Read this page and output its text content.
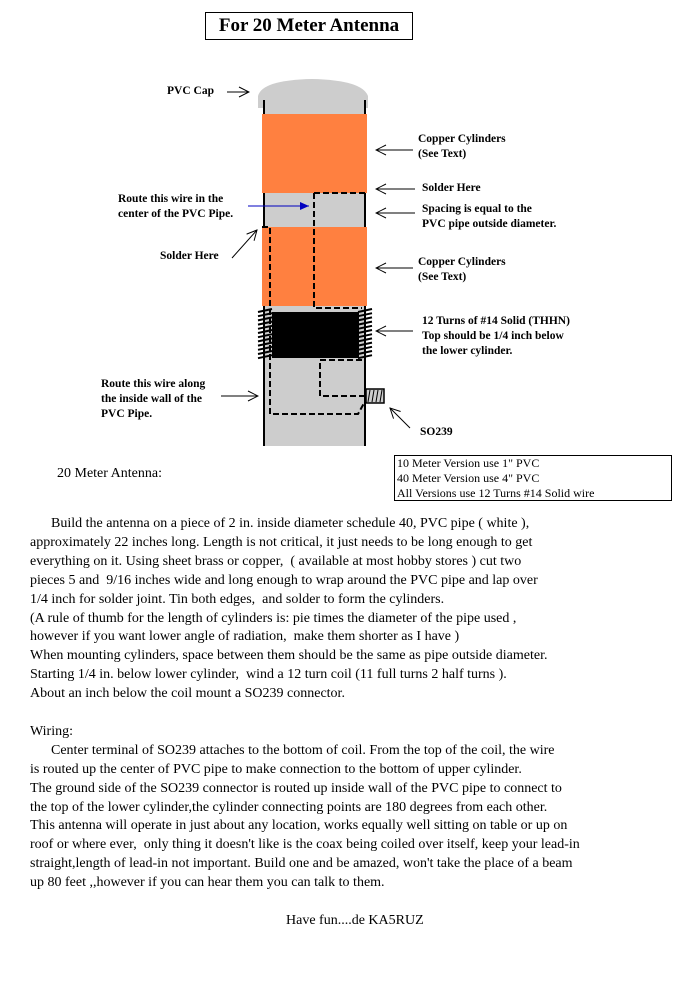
For 20 Meter Antenna
PVC Cap
Copper Cylinders
(See Text)
Solder Here
Route this wire in the
center of the PVC Pipe.	Spacing is equal to the
PVC pipe outside diameter.
Solder Here	Copper Cylinders
(See Text)
12 Turns of #14 Solid (THHN)
Top should be 1/4 inch below
the lower cylinder.
Route this wire along
the inside wall of the
PVC Pipe.
SO239
20 Meter Antenna:
10 Meter Version use 1" PVC
40 Meter Version use 4" PVC
All Versions use 12 Turns #14 Solid wire

Build the antenna on a piece of 2 in. inside diameter schedule 40, PVC pipe ( white ),
approximately 22 inches long. Length is not critical, it just needs to be long enough to get
everything on it. Using sheet brass or copper,  ( available at most hobby stores ) cut two
pieces 5 and  9/16 inches wide and long enough to wrap around the PVC pipe and lap over
1/4 inch for solder joint. Tin both edges,  and solder to form the cylinders.
(A rule of thumb for the length of cylinders is: pie times the diameter of the pipe used ,
however if you want lower angle of radiation,  make them shorter as I have )
When mounting cylinders, space between them should be the same as pipe outside diameter.
Starting 1/4 in. below lower cylinder,  wind a 12 turn coil (11 full turns 2 half turns ).
About an inch below the coil mount a SO239 connector.

Wiring:
Center terminal of SO239 attaches to the bottom of coil. From the top of the coil, the wire
is routed up the center of PVC pipe to make connection to the bottom of upper cylinder.
The ground side of the SO239 connector is routed up inside wall of the PVC pipe to connect to
the top of the lower cylinder,the cylinder connecting points are 180 degrees from each other.
This antenna will operate in just about any location, works equally well sitting on table or up on
roof or where ever,  only thing it doesn't like is the coax being coiled over itself, keep your lead-in
straight,length of lead-in not important. Build one and be amazed, won't take the place of a beam
up 80 feet ,,however if you can hear them you can talk to them.

Have fun....de KA5RUZ
